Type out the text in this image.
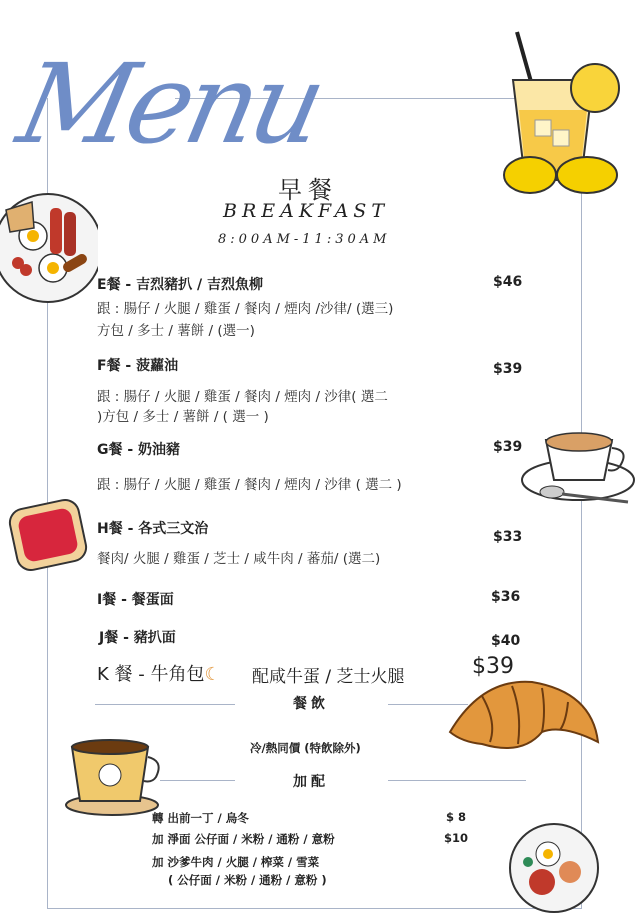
Menu
早餐
BREAKFAST
8:00AM-11:30AM
E餐 - 吉烈豬扒 / 吉烈魚柳	$46
跟 : 腸仔 / 火腿 / 雞蛋 / 餐肉 / 煙肉 /沙律/ (選三)
方包 / 多士 / 薯餅 / (選一)
F餐 - 菠蘿油	$39
跟 : 腸仔 / 火腿 / 雞蛋 / 餐肉 / 煙肉 / 沙律( 選二
)方包 / 多士 / 薯餅 / ( 選一 )
G餐 - 奶油豬	$39
跟 : 腸仔 / 火腿 / 雞蛋 / 餐肉 / 煙肉 / 沙律 ( 選二 )
H餐 - 各式三文治	$33
餐肉/ 火腿 / 雞蛋 / 芝士 / 咸牛肉 / 蕃茄/ (選二)
I餐 - 餐蛋面	$36
J餐 - 豬扒面	$40
K 餐 - 牛角包☾ 配咸牛蛋 / 芝士火腿	$39
餐飲
冷/熱同價 (特飲除外)
加配
轉 出前一丁 / 烏冬	$ 8
加 淨面 公仔面 / 米粉 / 通粉 / 意粉	$10
加 沙爹牛肉 / 火腿 / 榨菜 / 雪菜
( 公仔面 / 米粉 / 通粉 / 意粉 )
